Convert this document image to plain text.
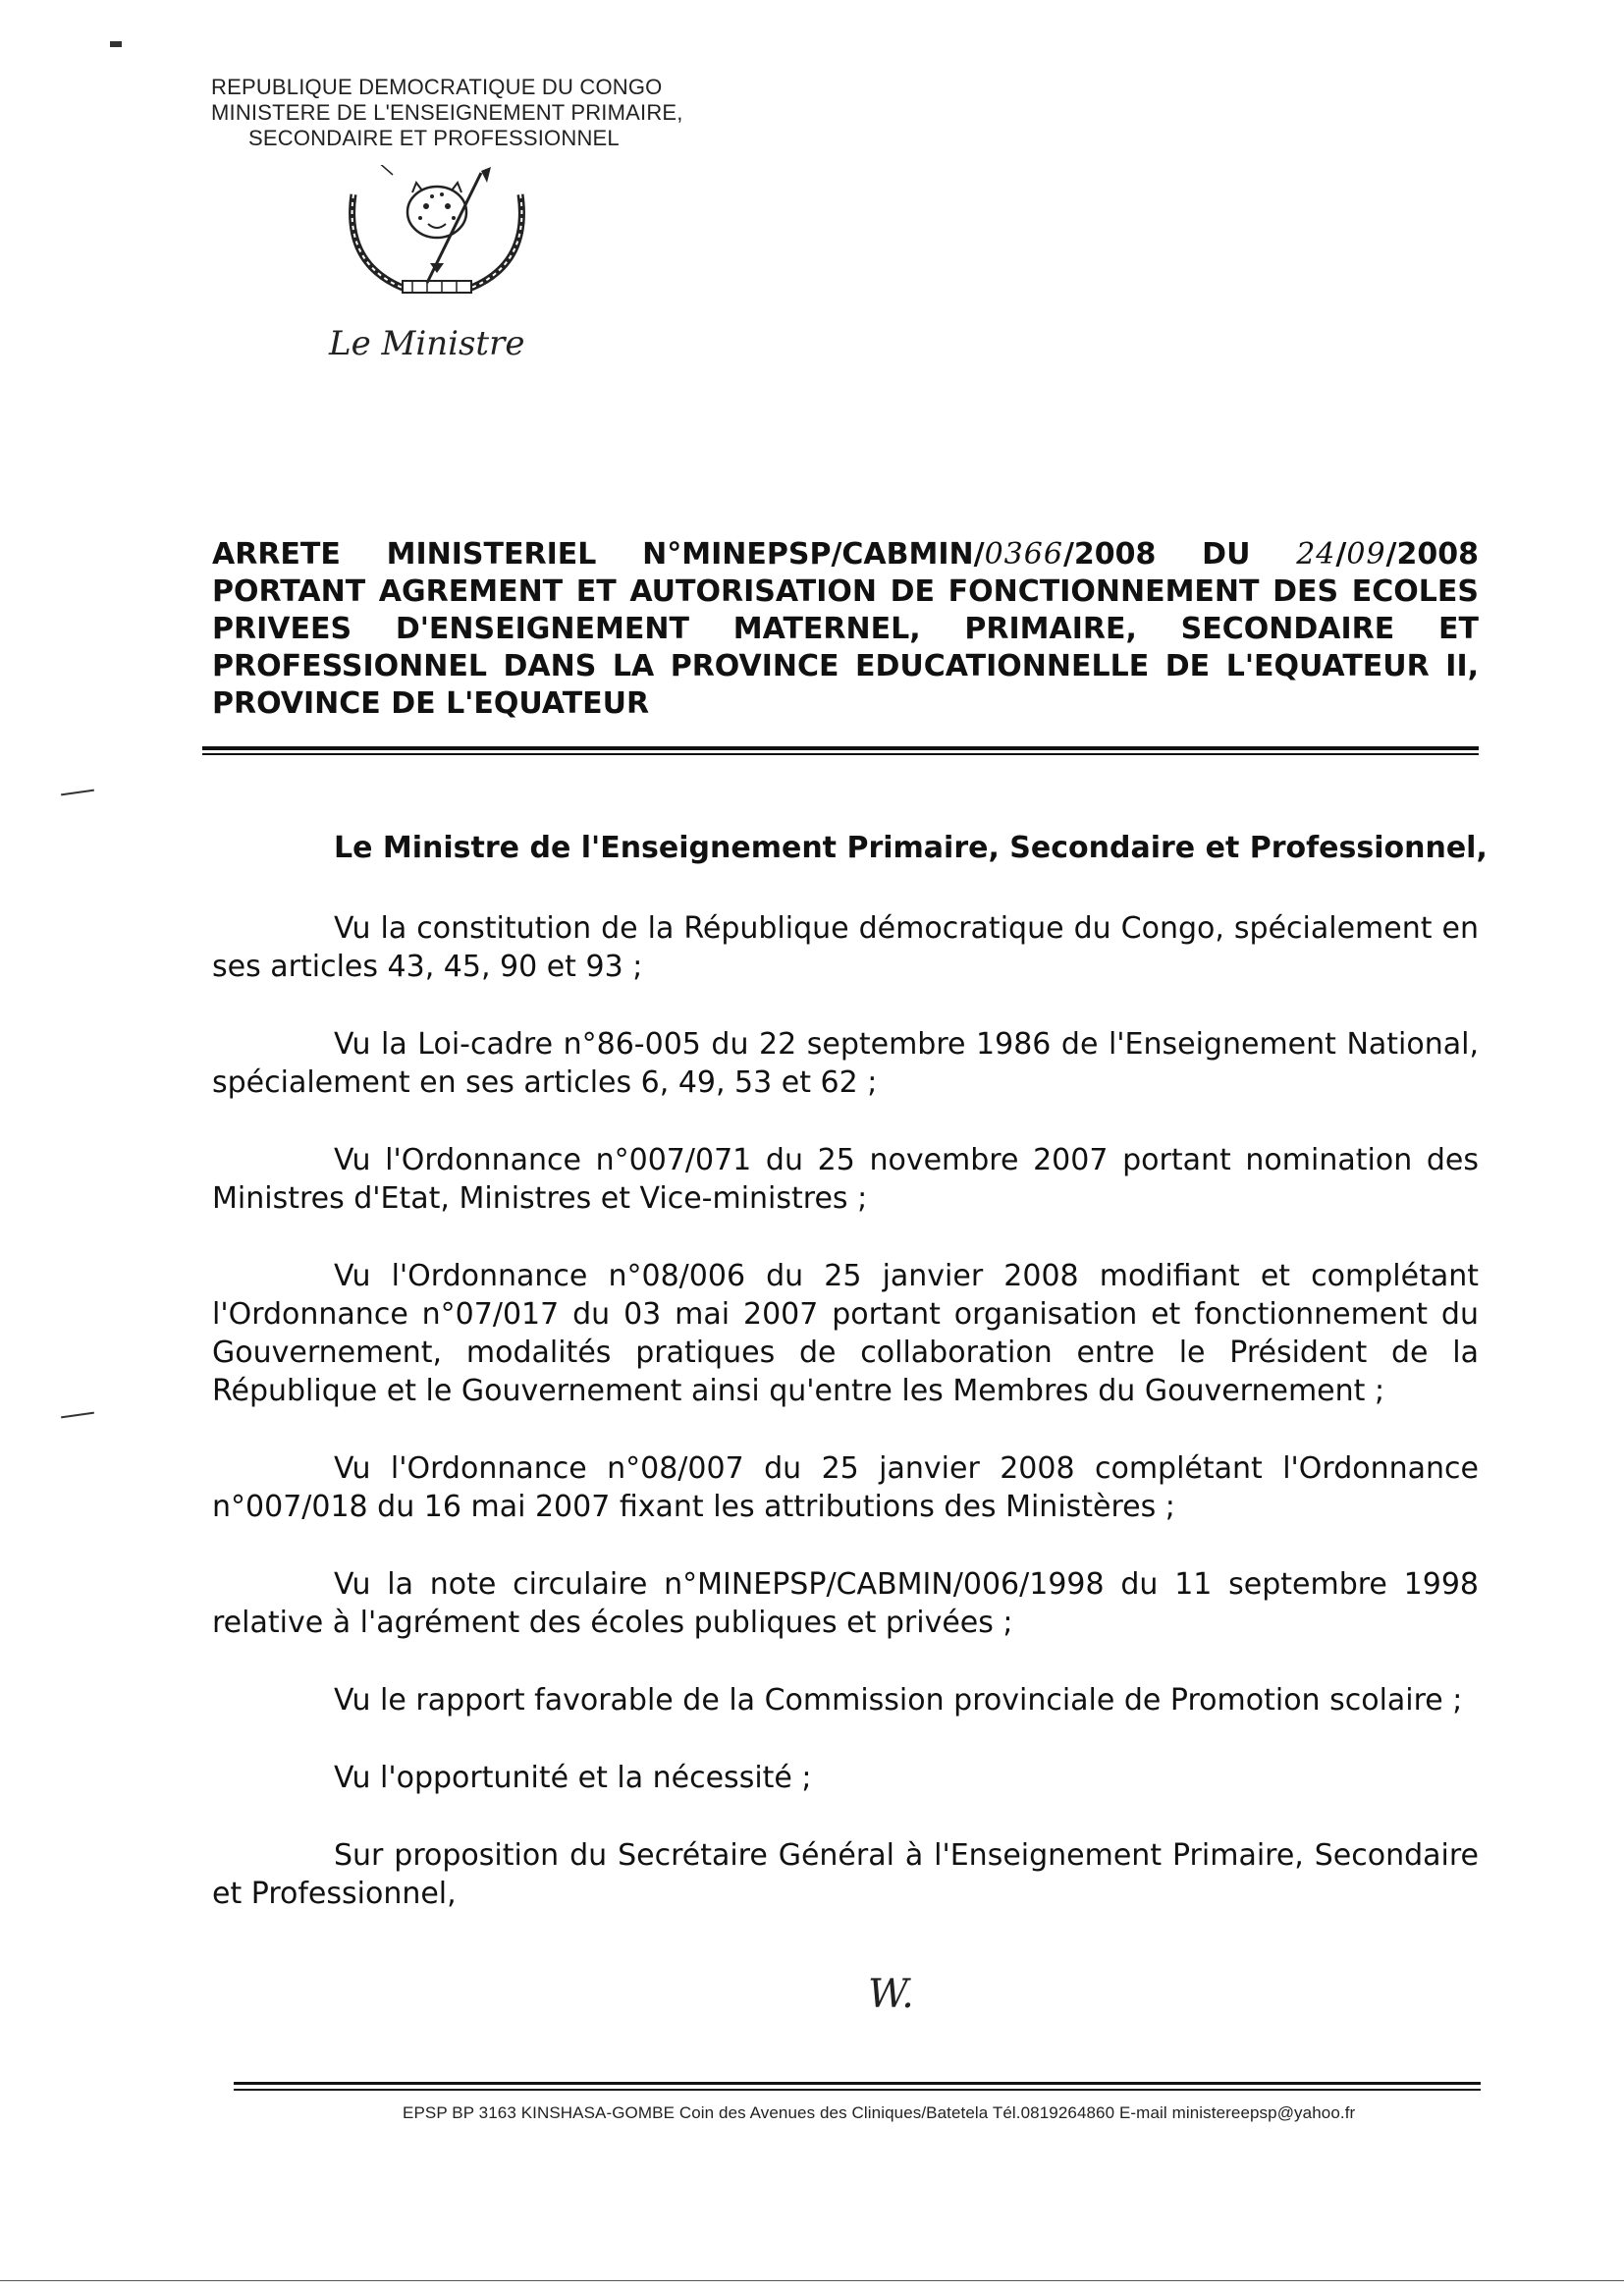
REPUBLIQUE DEMOCRATIQUE DU CONGO
MINISTERE DE L'ENSEIGNEMENT PRIMAIRE,
SECONDAIRE ET PROFESSIONNEL
Le Ministre
ARRETE MINISTERIEL N°MINEPSP/CABMIN/0366/2008 DU 24/09/2008
PORTANT AGREMENT ET AUTORISATION DE FONCTIONNEMENT DES ECOLES
PRIVEES D'ENSEIGNEMENT MATERNEL, PRIMAIRE, SECONDAIRE ET
PROFESSIONNEL DANS LA PROVINCE EDUCATIONNELLE DE L'EQUATEUR II,
PROVINCE DE L'EQUATEUR
Le Ministre de l'Enseignement Primaire, Secondaire et Professionnel,

Vu la constitution de la République démocratique du Congo, spécialement en ses articles 43, 45, 90 et 93 ;

Vu la Loi-cadre n°86-005 du 22 septembre 1986 de l'Enseignement National, spécialement en ses articles 6, 49, 53 et 62 ;

Vu l'Ordonnance n°007/071 du 25 novembre 2007 portant nomination des Ministres d'Etat, Ministres et Vice-ministres ;

Vu l'Ordonnance n°08/006 du 25 janvier 2008 modifiant et complétant l'Ordonnance n°07/017 du 03 mai 2007 portant organisation et fonctionnement du Gouvernement, modalités pratiques de collaboration entre le Président de la République et le Gouvernement ainsi qu'entre les Membres du Gouvernement ;

Vu l'Ordonnance n°08/007 du 25 janvier 2008 complétant l'Ordonnance n°007/018 du 16 mai 2007 fixant les attributions des Ministères ;

Vu la note circulaire n°MINEPSP/CABMIN/006/1998 du 11 septembre 1998 relative à l'agrément des écoles publiques et privées ;

Vu le rapport favorable de la Commission provinciale de Promotion scolaire ;

Vu l'opportunité et la nécessité ;

Sur proposition du Secrétaire Général à l'Enseignement Primaire, Secondaire et Professionnel,

W.
EPSP BP 3163 KINSHASA-GOMBE Coin des Avenues des Cliniques/Batetela Tél.0819264860 E-mail ministereepsp@yahoo.fr
